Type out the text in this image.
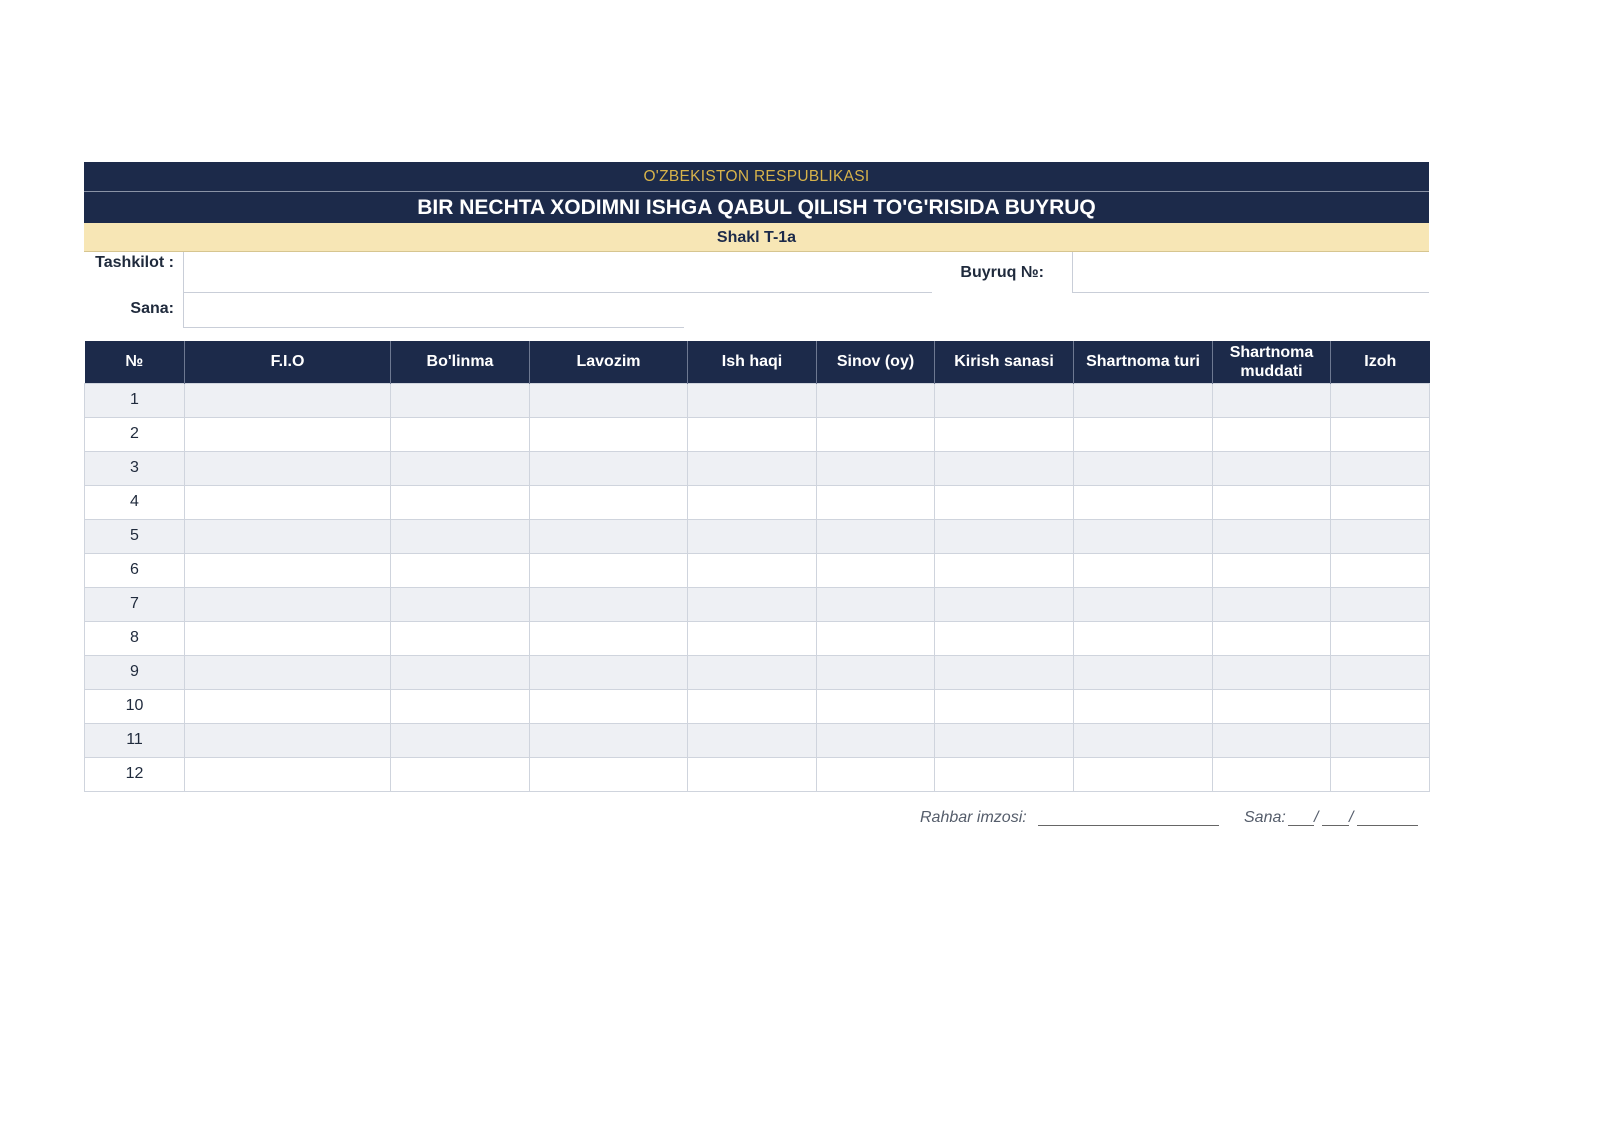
O'ZBEKISTON RESPUBLIKASI
BIR NECHTA XODIMNI ISHGA QABUL QILISH TO'G'RISIDA BUYRUQ
Shakl T-1a
Tashkilot :
Sana:
Buyruq №:
№	F.I.O	Bo'linma	Lavozim	Ish haqi	Sinov (oy)	Kirish sanasi	Shartnoma turi	Shartnoma muddati	Izoh
1									
2									
3									
4									
5									
6									
7									
8									
9									
10									
11									
12									
Rahbar imzosi:	Sana: / /
